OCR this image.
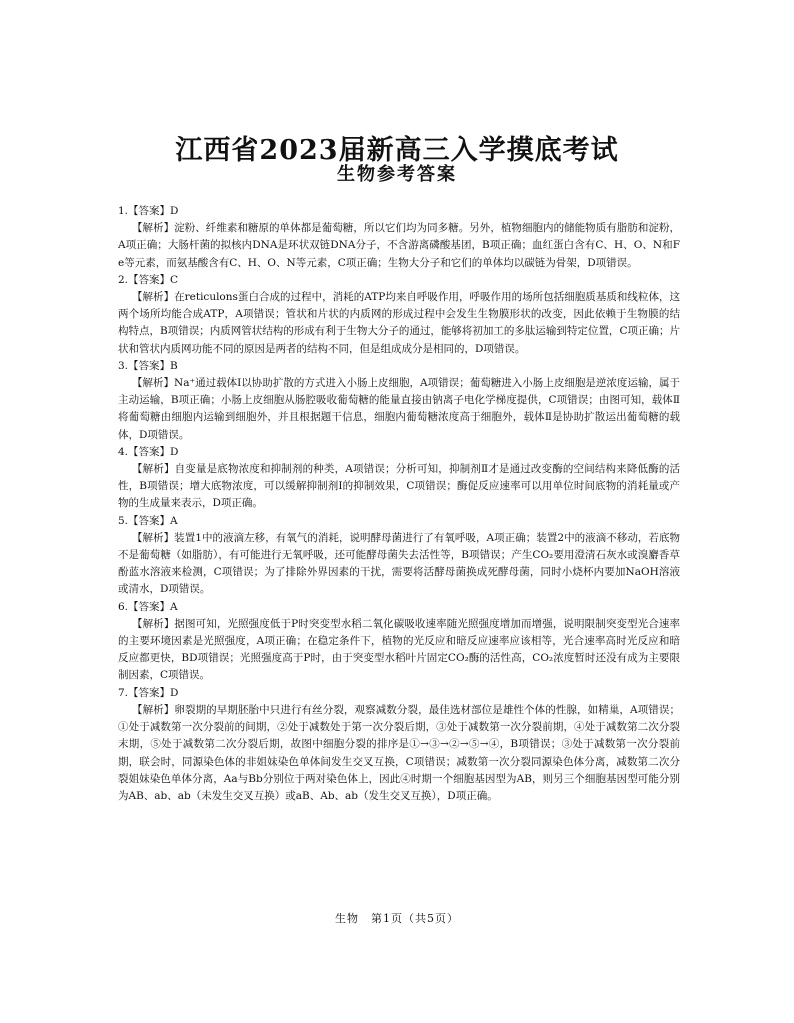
江西省2023届新高三入学摸底考试
生物参考答案
1.【答案】D
【解析】淀粉、纤维素和糖原的单体都是葡萄糖，所以它们均为同多糖。另外，植物细胞内的储能物质有脂肪和淀粉，A项正确；大肠杆菌的拟核内DNA是环状双链DNA分子，不含游离磷酸基团，B项正确；血红蛋白含有C、H、O、N和Fe等元素，而氨基酸含有C、H、O、N等元素，C项正确；生物大分子和它们的单体均以碳链为骨架，D项错误。
2.【答案】C
【解析】在reticulons蛋白合成的过程中，消耗的ATP均来自呼吸作用，呼吸作用的场所包括细胞质基质和线粒体，这两个场所均能合成ATP，A项错误；管状和片状的内质网的形成过程中会发生生物膜形状的改变，因此依赖于生物膜的结构特点，B项错误；内质网管状结构的形成有利于生物大分子的通过，能够将初加工的多肽运输到特定位置，C项正确；片状和管状内质网功能不同的原因是两者的结构不同，但是组成成分是相同的，D项错误。
3.【答案】B
【解析】Na⁺通过载体Ⅰ以协助扩散的方式进入小肠上皮细胞，A项错误；葡萄糖进入小肠上皮细胞是逆浓度运输，属于主动运输，B项正确；小肠上皮细胞从肠腔吸收葡萄糖的能量直接由钠离子电化学梯度提供，C项错误；由图可知，载体Ⅱ将葡萄糖由细胞内运输到细胞外，并且根据题干信息，细胞内葡萄糖浓度高于细胞外，载体Ⅱ是协助扩散运出葡萄糖的载体，D项错误。
4.【答案】D
【解析】自变量是底物浓度和抑制剂的种类，A项错误；分析可知，抑制剂Ⅱ才是通过改变酶的空间结构来降低酶的活性，B项错误；增大底物浓度，可以缓解抑制剂Ⅰ的抑制效果，C项错误；酶促反应速率可以用单位时间底物的消耗量或产物的生成量来表示，D项正确。
5.【答案】A
【解析】装置1中的液滴左移，有氧气的消耗，说明酵母菌进行了有氧呼吸，A项正确；装置2中的液滴不移动，若底物不是葡萄糖（如脂肪），有可能进行无氧呼吸，还可能酵母菌失去活性等，B项错误；产生CO₂要用澄清石灰水或溴麝香草酚蓝水溶液来检测，C项错误；为了排除外界因素的干扰，需要将活酵母菌换成死酵母菌，同时小烧杯内要加NaOH溶液或清水，D项错误。
6.【答案】A
【解析】据图可知，光照强度低于P时突变型水稻二氧化碳吸收速率随光照强度增加而增强，说明限制突变型光合速率的主要环境因素是光照强度，A项正确；在稳定条件下，植物的光反应和暗反应速率应该相等，光合速率高时光反应和暗反应都更快，BD项错误；光照强度高于P时，由于突变型水稻叶片固定CO₂酶的活性高，CO₂浓度暂时还没有成为主要限制因素，C项错误。
7.【答案】D
【解析】卵裂期的早期胚胎中只进行有丝分裂，观察减数分裂，最佳选材部位是雄性个体的性腺，如精巢，A项错误；①处于减数第一次分裂前的间期，②处于减数处于第一次分裂后期，③处于减数第一次分裂前期，④处于减数第二次分裂末期，⑤处于减数第二次分裂后期，故图中细胞分裂的排序是①→③→②→⑤→④，B项错误；③处于减数第一次分裂前期，联会时，同源染色体的非姐妹染色单体间发生交叉互换，C项错误；减数第一次分裂同源染色体分离，减数第二次分裂姐妹染色单体分离，Aa与Bb分别位于两对染色体上，因此④时期一个细胞基因型为AB，则另三个细胞基因型可能分别为AB、ab、ab（未发生交叉互换）或aB、Ab、ab（发生交叉互换），D项正确。
生物　第1页（共5页）
